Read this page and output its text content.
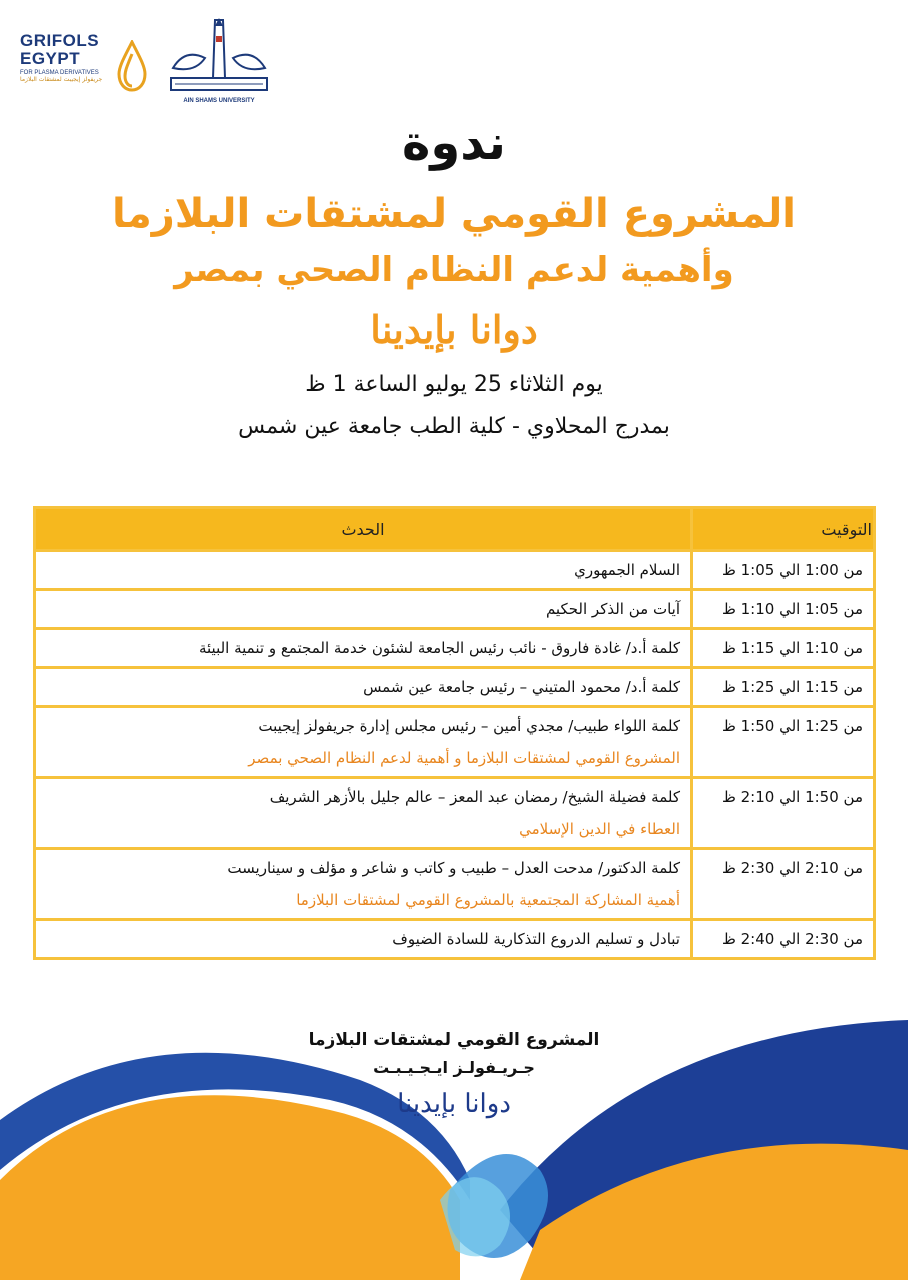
GRIFOLS
EGYPT
FOR PLASMA DERIVATIVES
جريفولز إيجيبت لمشتقات البلازما
AIN SHAMS UNIVERSITY
ندوة
المشروع القومي لمشتقات البلازما
وأهمية لدعم النظام الصحي بمصر
دوانا بإيدينا
يوم الثلاثاء 25 يوليو الساعة 1 ظ
بمدرج المحلاوي - كلية الطب جامعة عين شمس
التوقيت	الحدث
من 1:00 الي 1:05 ظ	السلام الجمهوري
من 1:05 الي 1:10 ظ	آيات من الذكر الحكيم
من 1:10 الي 1:15 ظ	كلمة أ.د/ غادة فاروق - نائب رئيس الجامعة لشئون خدمة المجتمع و تنمية البيئة
من 1:15 الي 1:25 ظ	كلمة أ.د/ محمود المتيني – رئيس جامعة عين شمس
من 1:25 الي 1:50 ظ	كلمة اللواء طبيب/ مجدي أمين – رئيس مجلس إدارة جريفولز إيجيبت
المشروع القومي لمشتقات البلازما و أهمية لدعم النظام الصحي بمصر

من 1:50 الي 2:10 ظ	كلمة فضيلة الشيخ/ رمضان عبد المعز – عالم جليل بالأزهر الشريف
العطاء في الدين الإسلامي

من 2:10 الي 2:30 ظ	كلمة الدكتور/ مدحت العدل – طبيب و كاتب و شاعر و مؤلف و سيناريست
أهمية المشاركة المجتمعية بالمشروع القومي لمشتقات البلازما

من 2:30 الي 2:40 ظ	تبادل و تسليم الدروع التذكارية للسادة الضيوف
المشروع القومي لمشتقات البلازما
جـريـفولـز ايـجـيـبـت
دوانا بإيدينا
